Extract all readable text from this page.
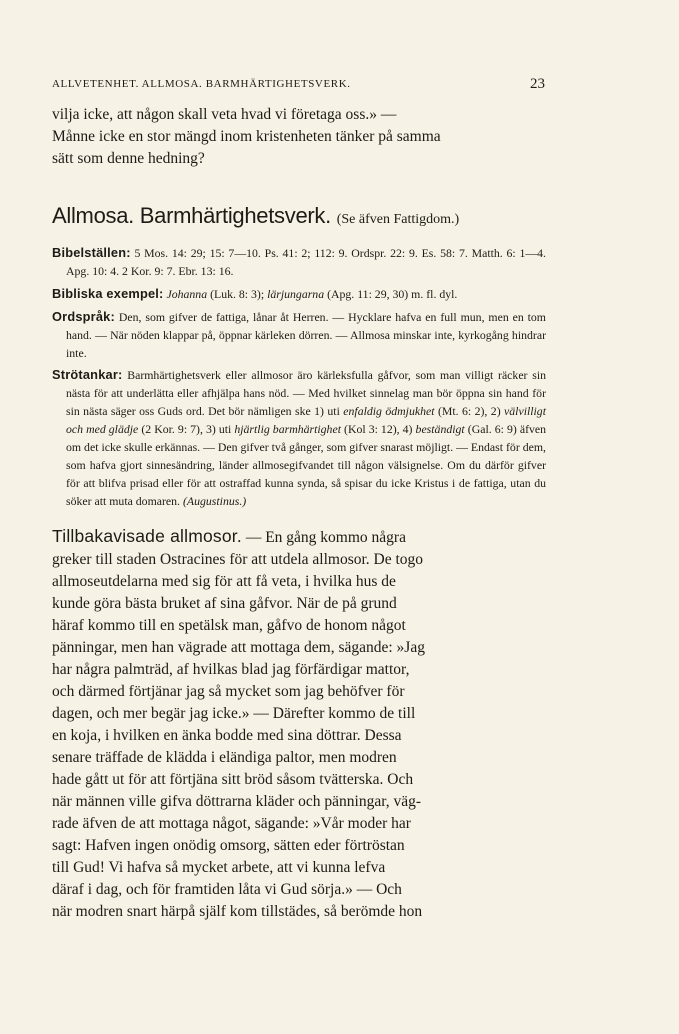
ALLVETENHET. ALLMOSA. BARMHÄRTIGHETSVERK.	23
vilja icke, att någon skall veta hvad vi företaga oss.» —
Månne icke en stor mängd inom kristenheten tänker på samma
sätt som denne hedning?
Allmosa. Barmhärtighetsverk. (Se äfven Fattigdom.)
Bibelställen: 5 Mos. 14: 29; 15: 7—10. Ps. 41: 2; 112: 9. Ordspr. 22: 9. Es. 58: 7. Matth. 6: 1—4. Apg. 10: 4. 2 Kor. 9: 7. Ebr. 13: 16.
Bibliska exempel: Johanna (Luk. 8: 3); lärjungarna (Apg. 11: 29, 30) m. fl. dyl.
Ordspråk: Den, som gifver de fattiga, lånar åt Herren. — Hycklare hafva en full mun, men en tom hand. — När nöden klappar på, öppnar kärleken dörren. — Allmosa minskar inte, kyrkogång hindrar inte.
Strötankar: Barmhärtighetsverk eller allmosor äro kärleksfulla gåfvor, som man villigt räcker sin nästa för att underlätta eller afhjälpa hans nöd. — Med hvilket sinnelag man bör öppna sin hand för sin nästa säger oss Guds ord. Det bör nämligen ske 1) uti enfaldig ödmjukhet (Mt. 6: 2), 2) välvilligt och med glädje (2 Kor. 9: 7), 3) uti hjärtlig barmhärtighet (Kol 3: 12), 4) beständigt (Gal. 6: 9) äfven om det icke skulle erkännas. — Den gifver två gånger, som gifver snarast möjligt. — Endast för dem, som hafva gjort sinnesändring, länder allmosegifvandet till någon välsignelse. Om du därför gifver för att blifva prisad eller för att ostraffad kunna synda, så spisar du icke Kristus i de fattiga, utan du söker att muta domaren. (Augustinus.)
Tillbakavisade allmosor. — En gång kommo några
greker till staden Ostracines för att utdela allmosor. De togo
allmoseutdelarna med sig för att få veta, i hvilka hus de
kunde göra bästa bruket af sina gåfvor. När de på grund
häraf kommo till en spetälsk man, gåfvo de honom något
pänningar, men han vägrade att mottaga dem, sägande: »Jag
har några palmträd, af hvilkas blad jag förfärdigar mattor,
och därmed förtjänar jag så mycket som jag behöfver för
dagen, och mer begär jag icke.» — Därefter kommo de till
en koja, i hvilken en änka bodde med sina döttrar. Dessa
senare träffade de klädda i eländiga paltor, men modren
hade gått ut för att förtjäna sitt bröd såsom tvätterska. Och
när männen ville gifva döttrarna kläder och pänningar, väg-
rade äfven de att mottaga något, sägande: »Vår moder har
sagt: Hafven ingen onödig omsorg, sätten eder förtröstan
till Gud! Vi hafva så mycket arbete, att vi kunna lefva
däraf i dag, och för framtiden låta vi Gud sörja.» — Och
när modren snart härpå själf kom tillstädes, så berömde hon
